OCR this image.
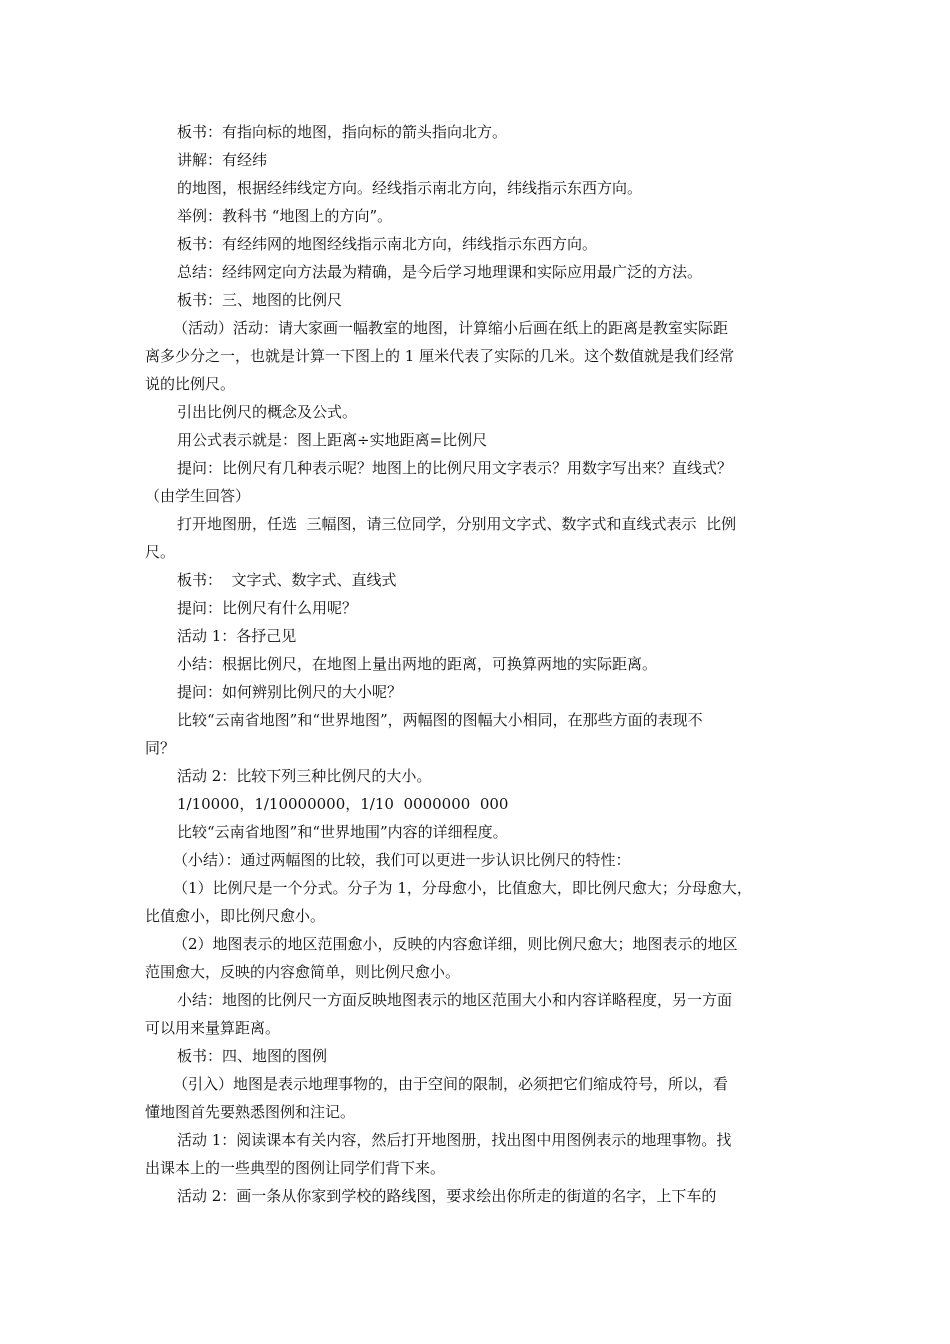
板书：有指向标的地图，指向标的箭头指向北方。
讲解：有经纬
的地图，根据经纬线定方向。经线指示南北方向，纬线指示东西方向。
举例：教科书 “地图上的方向”。
板书：有经纬网的地图经线指示南北方向，纬线指示东西方向。
总结：经纬网定向方法最为精确，是今后学习地理课和实际应用最广泛的方法。
板书：三、地图的比例尺
（活动）活动：请大家画一幅教室的地图，计算缩小后画在纸上的距离是教室实际距
离多少分之一，也就是计算一下图上的 1 厘米代表了实际的几米。这个数值就是我们经常
说的比例尺。
引出比例尺的概念及公式。
用公式表示就是：图上距离÷实地距离=比例尺
提问：比例尺有几种表示呢？地图上的比例尺用文字表示？用数字写出来？直线式？
（由学生回答）
打开地图册，任选  三幅图，请三位同学，分别用文字式、数字式和直线式表示  比例
尺。
板书：  文字式、数字式、直线式
提问：比例尺有什么用呢？
活动 1：各抒己见
小结：根据比例尺，在地图上量出两地的距离，可换算两地的实际距离。
提问：如何辨别比例尺的大小呢？
比较“云南省地图”和“世界地图”，两幅图的图幅大小相同，在那些方面的表现不
同？
活动 2：比较下列三种比例尺的大小。
1/10000，1/10000000，1/10  0000000  000
比较“云南省地图”和“世界地围”内容的详细程度。
（小结）：通过两幅图的比较，我们可以更进一步认识比例尺的特性：
（1）比例尺是一个分式。分子为 1，分母愈小，比值愈大，即比例尺愈大；分母愈大，
比值愈小，即比例尺愈小。
（2）地图表示的地区范围愈小，反映的内容愈详细，则比例尺愈大；地图表示的地区
范围愈大，反映的内容愈简单，则比例尺愈小。
小结：地图的比例尺一方面反映地图表示的地区范围大小和内容详略程度，另一方面
可以用来量算距离。
板书：四、地图的图例
（引入）地图是表示地理事物的，由于空间的限制，必须把它们缩成符号，所以，看
懂地图首先要熟悉图例和注记。
活动 1：阅读课本有关内容，然后打开地图册，找出图中用图例表示的地理事物。找
出课本上的一些典型的图例让同学们背下来。
活动 2：画一条从你家到学校的路线图，要求绘出你所走的街道的名字，上下车的
